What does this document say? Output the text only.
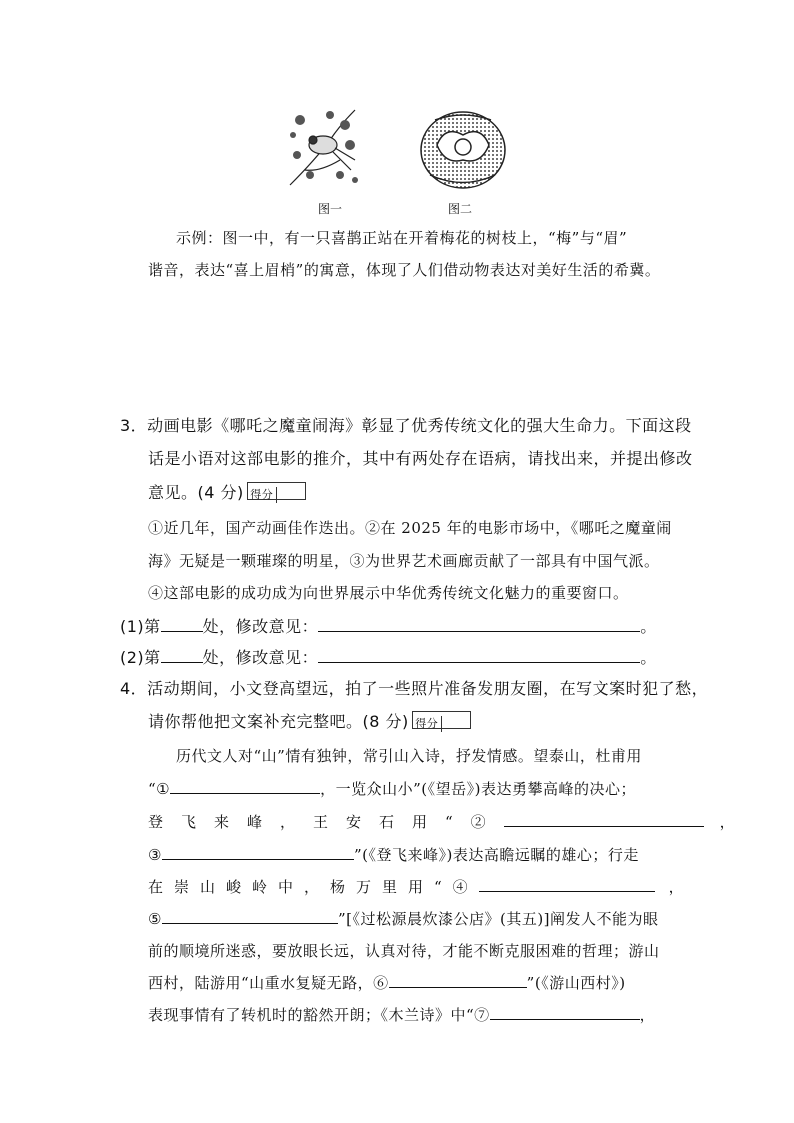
图一	图二
示例：图一中，有一只喜鹊正站在开着梅花的树枝上，“梅”与“眉”
谐音，表达“喜上眉梢”的寓意，体现了人们借动物表达对美好生活的希冀。
3．动画电影《哪吒之魔童闹海》彰显了优秀传统文化的强大生命力。下面这段
话是小语对这部电影的推介，其中有两处存在语病，请找出来，并提出修改
意见。(4 分) 得分
①近几年，国产动画佳作迭出。②在 2025 年的电影市场中，《哪吒之魔童闹
海》无疑是一颗璀璨的明星，③为世界艺术画廊贡献了一部具有中国气派。
④这部电影的成功成为向世界展示中华优秀传统文化魅力的重要窗口。
(1)第	处，修改意见：	。
(2)第	处，修改意见：	。
4．活动期间，小文登高望远，拍了一些照片准备发朋友圈，在写文案时犯了愁，
请你帮他把文案补充完整吧。(8 分) 得分
历代文人对“山”情有独钟，常引山入诗，抒发情感。望泰山，杜甫用
“①	，一览众山小”(《望岳》)表达勇攀高峰的决心；
登飞来峰，王安石用“②	，
③	”(《登飞来峰》)表达高瞻远瞩的雄心；行走
在崇山峻岭中，杨万里用“④	，
⑤	”[《过松源晨炊漆公店》(其五)]阐发人不能为眼
前的顺境所迷惑，要放眼长远，认真对待，才能不断克服困难的哲理；游山
西村，陆游用“山重水复疑无路，⑥	”(《游山西村》)
表现事情有了转机时的豁然开朗；《木兰诗》中“⑦	，
